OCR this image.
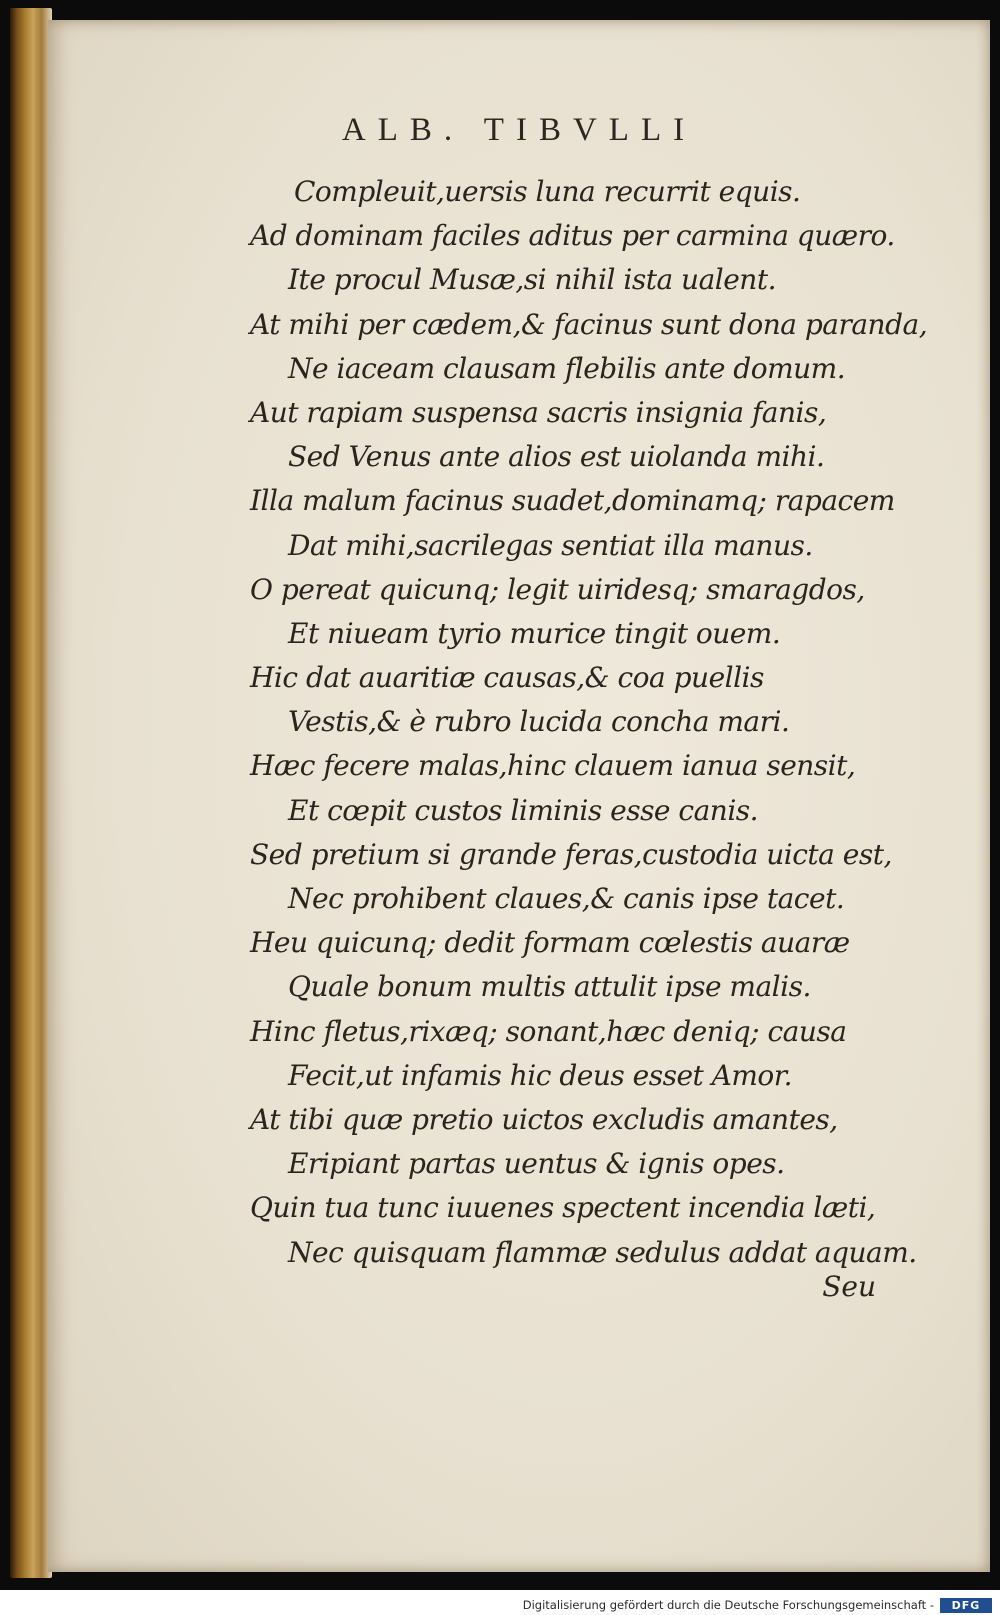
ALB. TIBVLLI
Compleuit,uersis luna recurrit equis.
Ad dominam faciles aditus per carmina quæro.
Ite procul Musæ,si nihil ista ualent.
At mihi per cædem,& facinus sunt dona paranda,
Ne iaceam clausam flebilis ante domum.
Aut rapiam suspensa sacris insignia fanis,
Sed Venus ante alios est uiolanda mihi.
Illa malum facinus suadet,dominamq; rapacem
Dat mihi,sacrilegas sentiat illa manus.
O pereat quicunq; legit uiridesq; smaragdos,
Et niueam tyrio murice tingit ouem.
Hic dat auaritiæ causas,& coa puellis
Vestis,& è rubro lucida concha mari.
Hæc fecere malas,hinc clauem ianua sensit,
Et cœpit custos liminis esse canis.
Sed pretium si grande feras,custodia uicta est,
Nec prohibent claues,& canis ipse tacet.
Heu quicunq; dedit formam cœlestis auaræ
Quale bonum multis attulit ipse malis.
Hinc fletus,rixæq; sonant,hæc deniq; causa
Fecit,ut infamis hic deus esset Amor.
At tibi quæ pretio uictos excludis amantes,
Eripiant partas uentus & ignis opes.
Quin tua tunc iuuenes spectent incendia læti,
Nec quisquam flammæ sedulus addat aquam.
Seu
Digitalisierung gefördert durch die Deutsche Forschungsgemeinschaft -	DFG
